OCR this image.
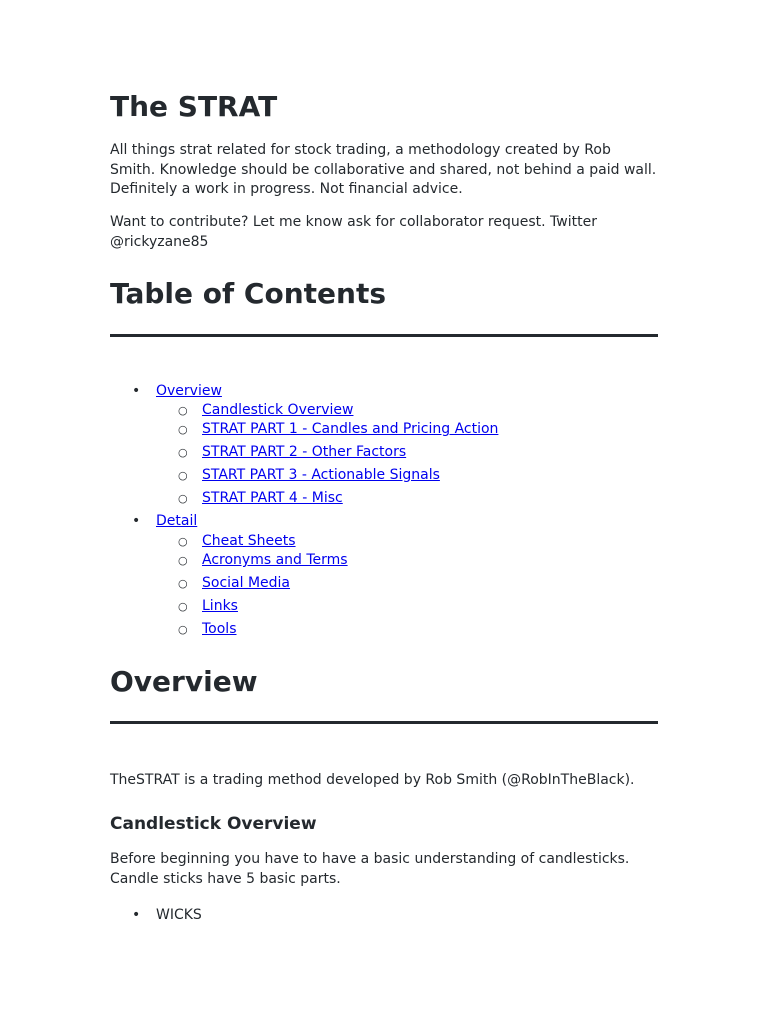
The STRAT

All things strat related for stock trading, a methodology created by Rob Smith. Knowledge should be collaborative and shared, not behind a paid wall. Definitely a work in progress. Not financial advice.

Want to contribute? Let me know ask for collaborator request. Twitter @rickyzane85

Table of Contents
• Overview
○ Candlestick Overview
○ STRAT PART 1 - Candles and Pricing Action
○ STRAT PART 2 - Other Factors
○ START PART 3 - Actionable Signals
○ STRAT PART 4 - Misc
• Detail
○ Cheat Sheets
○ Acronyms and Terms
○ Social Media
○ Links
○ Tools
Overview

TheSTRAT is a trading method developed by Rob Smith (@RobInTheBlack).

Candlestick Overview

Before beginning you have to have a basic understanding of candlesticks. Candle sticks have 5 basic parts.

• WICKS
